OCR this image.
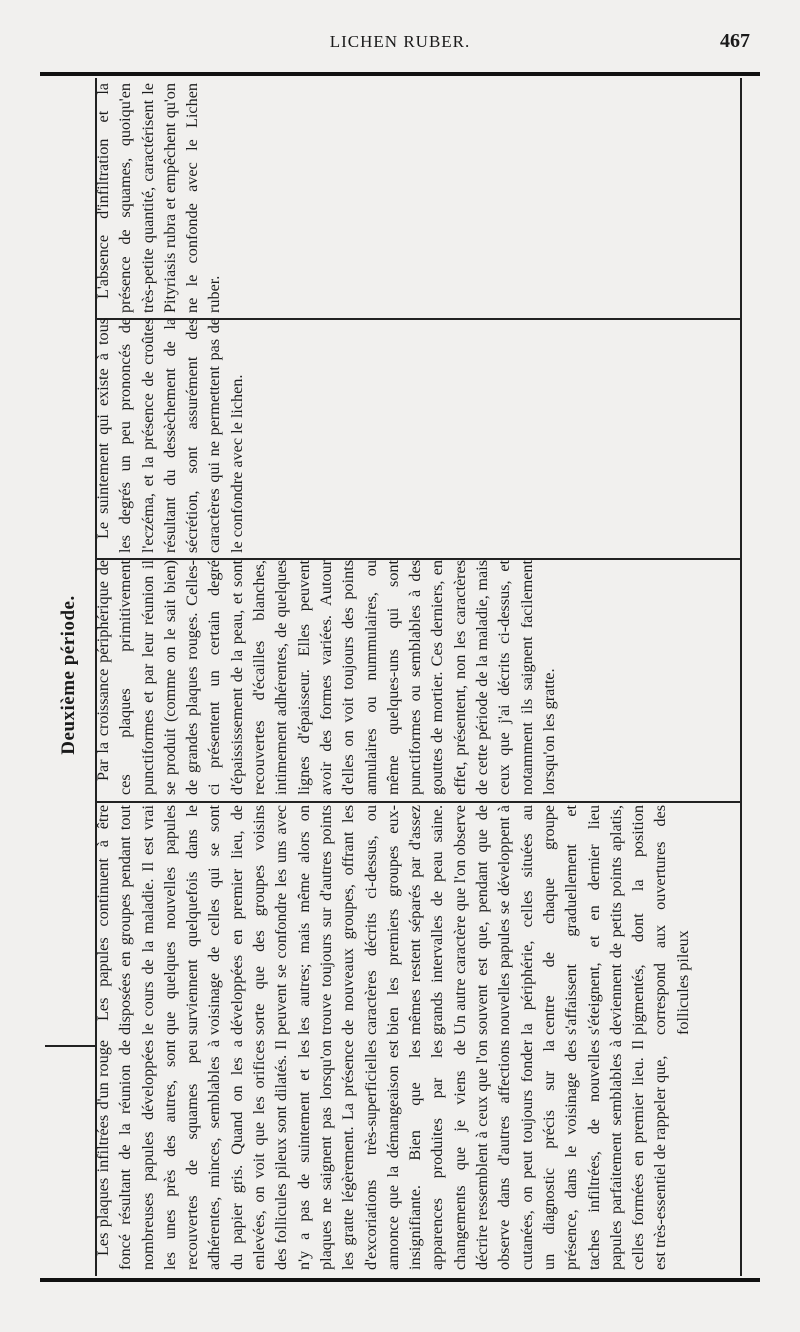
LICHEN RUBER.	467

Les plaques infiltrées d'un rouge foncé résultant de la réunion de nombreuses papules développées les unes près des autres, sont recouvertes de squames peu adhérentes, minces, semblables à du papier gris. Quand on les a enlevées, on voit que les orifices des follicules pileux sont dilatés. Il n'y a pas de suintement et les plaques ne saignent pas lorsqu'on les gratte légèrement. La présence d'excoriations très-superficielles annonce que la démangeaison est insignifiante. Bien que les apparences produites par les changements que je viens de décrire ressemblent à ceux que l'on observe dans d'autres affections cutanées, on peut toujours fonder un diagnostic précis sur la présence, dans le voisinage des taches infiltrées, de nouvelles papules parfaitement semblables à celles formées en premier lieu. Il est très-essentiel de rappeler que,

Les papules continuent à être disposées en groupes pendant tout le cours de la maladie. Il est vrai que quelques nouvelles papules surviennent quelquefois dans le voisinage de celles qui se sont développées en premier lieu, de sorte que des groupes voisins peuvent se confondre les uns avec les autres; mais même alors on trouve toujours sur d'autres points de nouveaux groupes, offrant les caractères décrits ci-dessus, ou bien les premiers groupes eux-mêmes restent séparés par d'assez grands intervalles de peau saine. Un autre caractère que l'on observe souvent est que, pendant que de nouvelles papules se développent à la périphérie, celles situées au centre de chaque groupe s'affaissent graduellement et s'éteignent, et en dernier lieu deviennent de petits points aplatis, pigmentés, dont la position correspond aux ouvertures des follicules pileux

Deuxième période. Par la croissance périphérique de ces plaques primitivement punctiformes et par leur réunion il se produit (comme on le sait bien) de grandes plaques rouges. Celles-ci présentent un certain degré d'épaississement de la peau, et sont recouvertes d'écailles blanches, intimement adhérentes, de quelques lignes d'épaisseur. Elles peuvent avoir des formes variées. Autour d'elles on voit toujours des points annulaires ou nummulaires, ou même quelques-uns qui sont punctiformes ou semblables à des gouttes de mortier. Ces derniers, en effet, présentent, non les caractères de cette période de la maladie, mais ceux que j'ai décrits ci-dessus, et notamment ils saignent facilement lorsqu'on les gratte.

Le suintement qui existe à tous les degrés un peu prononcés de l'eczéma, et la présence de croûtes résultant du dessèchement de la sécrétion, sont assurément des caractères qui ne permettent pas de le confondre avec le lichen.

L'absence d'infiltration et la présence de squames, quoiqu'en très-petite quantité, caractérisent le Pityriasis rubra et empêchent qu'on ne le confonde avec le Lichen ruber.
